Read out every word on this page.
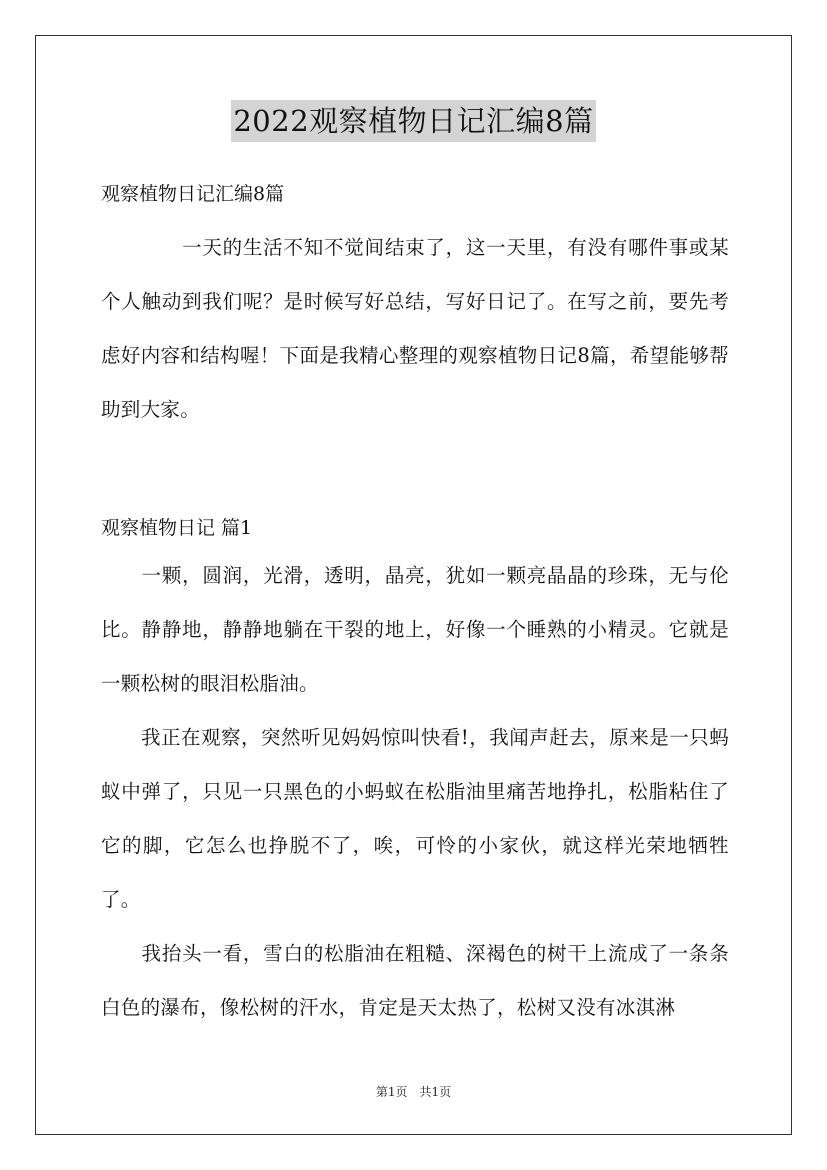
2022观察植物日记汇编8篇

观察植物日记汇编8篇

　　　　一天的生活不知不觉间结束了，这一天里，有没有哪件事或某个人触动到我们呢？是时候写好总结，写好日记了。在写之前，要先考虑好内容和结构喔！下面是我精心整理的观察植物日记8篇，希望能够帮助到大家。

观察植物日记 篇1

　　一颗，圆润，光滑，透明，晶亮，犹如一颗亮晶晶的珍珠，无与伦比。静静地，静静地躺在干裂的地上，好像一个睡熟的小精灵。它就是一颗松树的眼泪松脂油。

　　我正在观察，突然听见妈妈惊叫快看!，我闻声赶去，原来是一只蚂蚁中弹了，只见一只黑色的小蚂蚁在松脂油里痛苦地挣扎，松脂粘住了它的脚，它怎么也挣脱不了，唉，可怜的小家伙，就这样光荣地牺牲了。

　　我抬头一看，雪白的松脂油在粗糙、深褐色的树干上流成了一条条白色的瀑布，像松树的汗水，肯定是天太热了，松树又没有冰淇淋

第1页　共1页
